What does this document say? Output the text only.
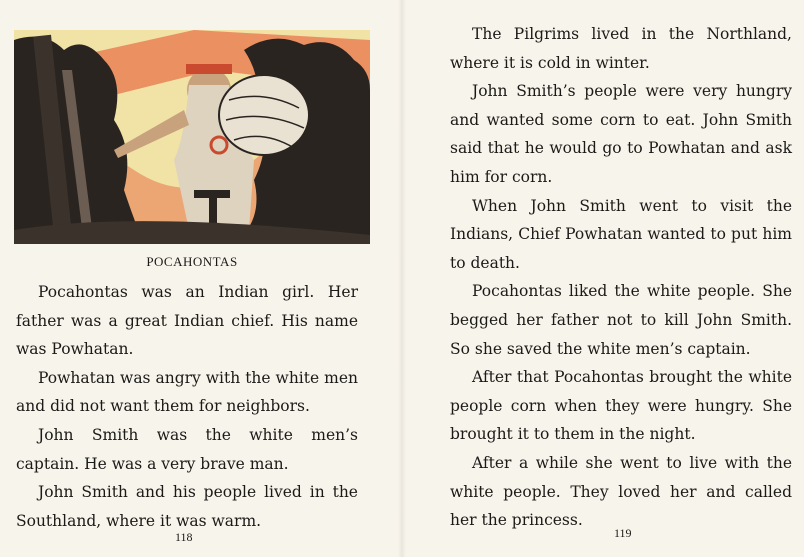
POCAHONTAS

Pocahontas was an Indian girl. Her father was a great Indian chief. His name was Powhatan.

Powhatan was angry with the white men and did not want them for neighbors.

John Smith was the white men’s captain. He was a very brave man.

John Smith and his people lived in the Southland, where it was warm.

118

The Pilgrims lived in the Northland, where it is cold in winter.

John Smith’s people were very hungry and wanted some corn to eat. John Smith said that he would go to Powhatan and ask him for corn.

When John Smith went to visit the Indians, Chief Powhatan wanted to put him to death.

Pocahontas liked the white people. She begged her father not to kill John Smith. So she saved the white men’s captain.

After that Pocahontas brought the white people corn when they were hungry. She brought it to them in the night.

After a while she went to live with the white people. They loved her and called her the princess.

119
